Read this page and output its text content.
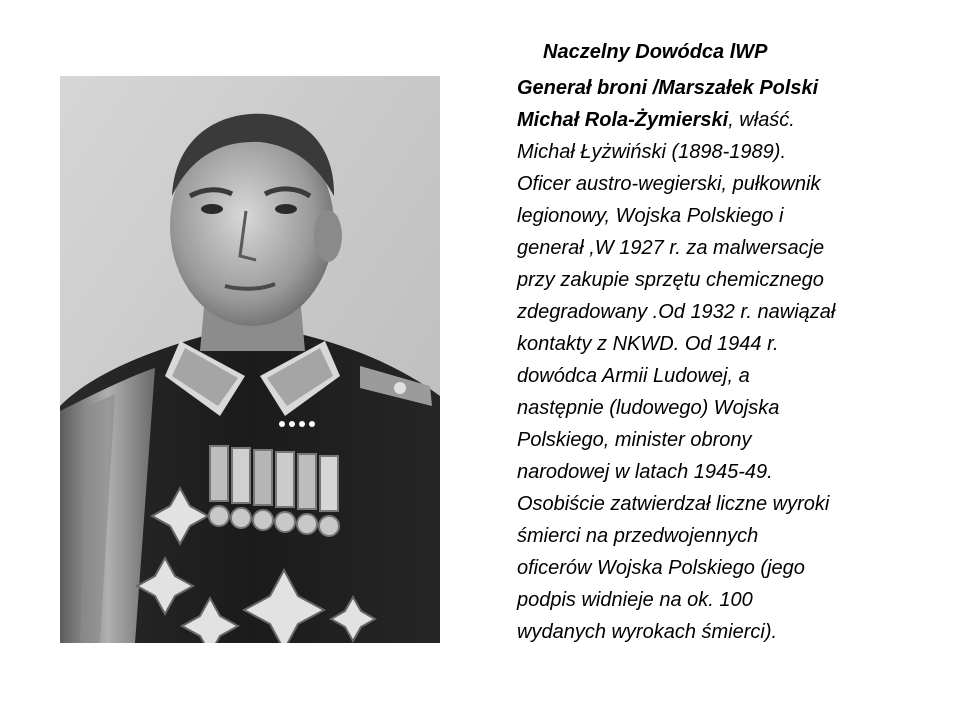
Naczelny Dowódca lWP

Generał broni /Marszałek Polski
Michał Rola-Żymierski, właść.
Michał Łyżwiński (1898-1989).
Oficer austro-wegierski, pułkownik
legionowy, Wojska Polskiego i
generał ,W 1927 r. za malwersacje
przy zakupie sprzętu chemicznego
zdegradowany .Od 1932 r. nawiązał
kontakty z NKWD. Od 1944 r.
dowódca Armii Ludowej, a
następnie (ludowego) Wojska
Polskiego, minister obrony
narodowej w latach 1945-49.
Osobiście zatwierdzał liczne wyroki
śmierci na przedwojennych
oficerów Wojska Polskiego (jego
podpis widnieje na ok. 100
wydanych wyrokach śmierci).
